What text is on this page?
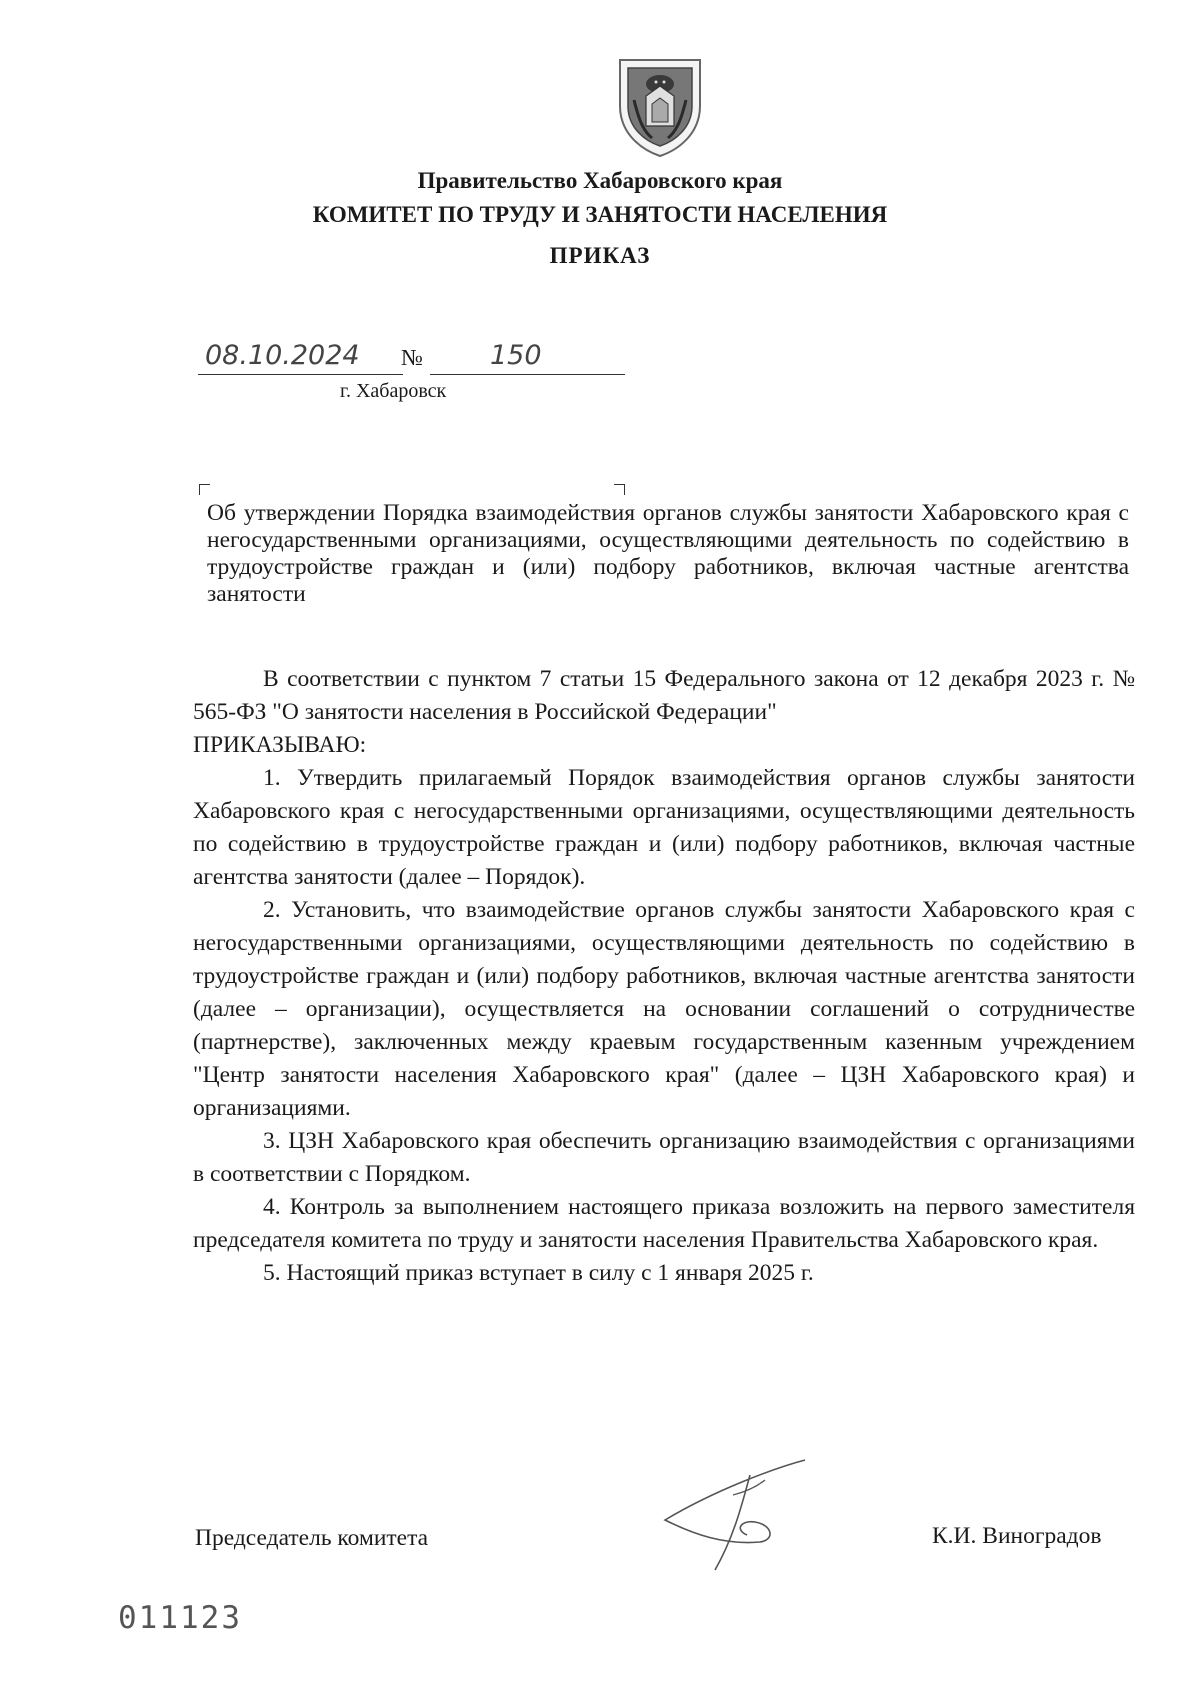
Правительство Хабаровского края
КОМИТЕТ ПО ТРУДУ И ЗАНЯТОСТИ НАСЕЛЕНИЯ
ПРИКАЗ
08.10.2024 № 150
г. Хабаровск
Об утверждении Порядка взаимодействия органов службы занятости Хабаровского края с негосударственными организациями, осуществляющими деятельность по содействию в трудоустройстве граждан и (или) подбору работников, включая частные агентства занятости

В соответствии с пунктом 7 статьи 15 Федерального закона от 12 декабря 2023 г. № 565-ФЗ "О занятости населения в Российской Федерации"

ПРИКАЗЫВАЮ:

1. Утвердить прилагаемый Порядок взаимодействия органов службы занятости Хабаровского края с негосударственными организациями, осуществляющими деятельность по содействию в трудоустройстве граждан и (или) подбору работников, включая частные агентства занятости (далее – Порядок).

2. Установить, что взаимодействие органов службы занятости Хабаровского края с негосударственными организациями, осуществляющими деятельность по содействию в трудоустройстве граждан и (или) подбору работников, включая частные агентства занятости (далее – организации), осуществляется на основании соглашений о сотрудничестве (партнерстве), заключенных между краевым государственным казенным учреждением "Центр занятости населения Хабаровского края" (далее – ЦЗН Хабаровского края) и организациями.

3. ЦЗН Хабаровского края обеспечить организацию взаимодействия с организациями в соответствии с Порядком.

4. Контроль за выполнением настоящего приказа возложить на первого заместителя председателя комитета по труду и занятости населения Правительства Хабаровского края.

5. Настоящий приказ вступает в силу с 1 января 2025 г.

Председатель комитета	К.И. Виноградов
011123
